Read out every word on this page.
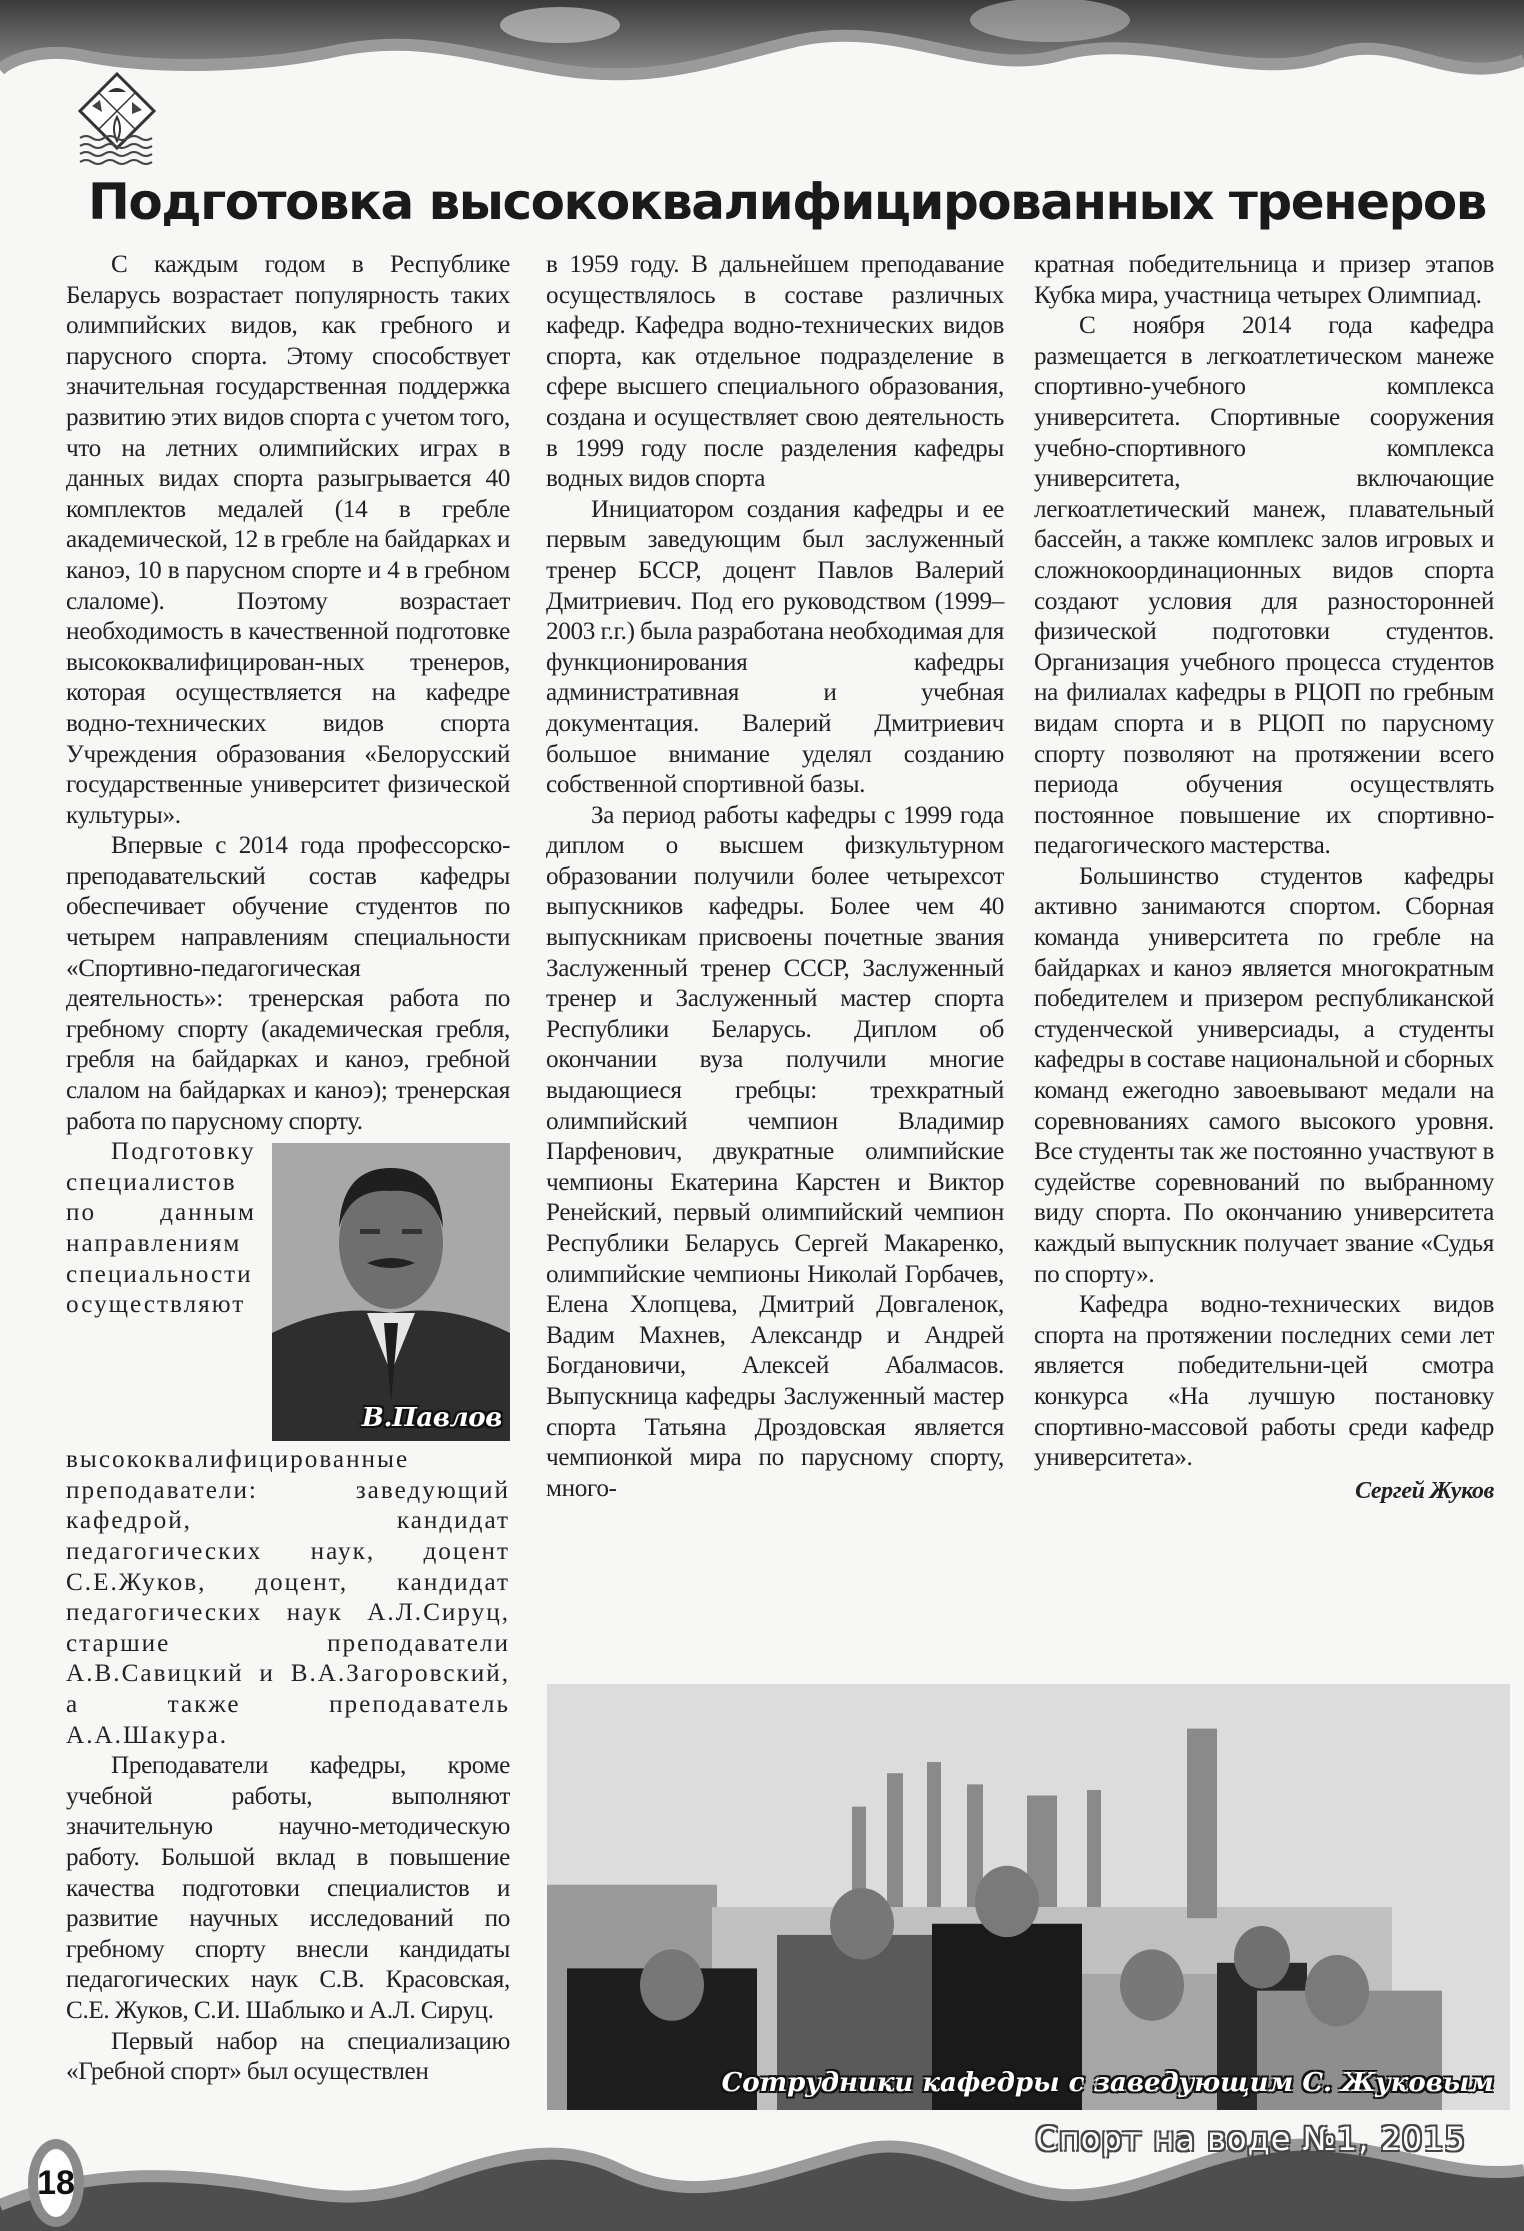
Подготовка высококвалифицированных тренеров

С каждым годом в Республике Беларусь возрастает популярность таких олимпийских видов, как гребного и парусного спорта. Этому способствует значительная государственная поддержка развитию этих видов спорта с учетом того, что на летних олимпийских играх в данных видах спорта разыгрывается 40 комплектов медалей (14 в гребле академической, 12 в гребле на байдарках и каноэ, 10 в парусном спорте и 4 в гребном слаломе). Поэтому возрастает необходимость в качественной подготовке высококвалифицирован-ных тренеров, которая осуществляется на кафедре водно-технических видов спорта Учреждения образования «Белорусский государственные университет физической культуры».

Впервые с 2014 года профессорско-преподавательский состав кафедры обеспечивает обучение студентов по четырем направлениям специальности «Спортивно-педагогическая деятельность»: тренерская работа по гребному спорту (академическая гребля, гребля на байдарках и каноэ, гребной слалом на байдарках и каноэ); тренерская работа по парусному спорту.

В.Павлов

Подготовку специалистов по данным направлениям специальности осуществляют высококвалифицированные преподаватели: заведующий кафедрой, кандидат педагогических наук, доцент С.Е.Жуков, доцент, кандидат педагогических наук А.Л.Сируц, старшие преподаватели А.В.Савицкий и В.А.Загоровский, а также преподаватель А.А.Шакура.

Преподаватели кафедры, кроме учебной работы, выполняют значительную научно-методическую работу. Большой вклад в повышение качества подготовки специалистов и развитие научных исследований по гребному спорту внесли кандидаты педагогических наук С.В. Красовская, С.Е. Жуков, С.И. Шаблыко и А.Л. Сируц.

Первый набор на специализацию «Гребной спорт» был осуществлен

в 1959 году. В дальнейшем преподавание осуществлялось в составе различных кафедр. Кафедра водно-технических видов спорта, как отдельное подразделение в сфере высшего специального образования, создана и осуществляет свою деятельность в 1999 году после разделения кафедры водных видов спорта

Инициатором создания кафедры и ее первым заведующим был заслуженный тренер БССР, доцент Павлов Валерий Дмитриевич. Под его руководством (1999–2003 г.г.) была разработана необходимая для функционирования кафедры административная и учебная документация. Валерий Дмитриевич большое внимание уделял созданию собственной спортивной базы.

За период работы кафедры с 1999 года диплом о высшем физкультурном образовании получили более четырехсот выпускников кафедры. Более чем 40 выпускникам присвоены почетные звания Заслуженный тренер СССР, Заслуженный тренер и Заслуженный мастер спорта Республики Беларусь. Диплом об окончании вуза получили многие выдающиеся гребцы: трехкратный олимпийский чемпион Владимир Парфенович, двукратные олимпийские чемпионы Екатерина Карстен и Виктор Ренейский, первый олимпийский чемпион Республики Беларусь Сергей Макаренко, олимпийские чемпионы Николай Горбачев, Елена Хлопцева, Дмитрий Довгаленок, Вадим Махнев, Александр и Андрей Богдановичи, Алексей Абалмасов. Выпускница кафедры Заслуженный мастер спорта Татьяна Дроздовская является чемпионкой мира по парусному спорту, много-

кратная победительница и призер этапов Кубка мира, участница четырех Олимпиад.

С ноября 2014 года кафедра размещается в легкоатлетическом манеже спортивно-учебного комплекса университета. Спортивные сооружения учебно-спортивного комплекса университета, включающие легкоатлетический манеж, плавательный бассейн, а также комплекс залов игровых и сложнокоординационных видов спорта создают условия для разносторонней физической подготовки студентов. Организация учебного процесса студентов на филиалах кафедры в РЦОП по гребным видам спорта и в РЦОП по парусному спорту позволяют на протяжении всего периода обучения осуществлять постоянное повышение их спортивно-педагогического мастерства.

Большинство студентов кафедры активно занимаются спортом. Сборная команда университета по гребле на байдарках и каноэ является многократным победителем и призером республиканской студенческой универсиады, а студенты кафедры в составе национальной и сборных команд ежегодно завоевывают медали на соревнованиях самого высокого уровня. Все студенты так же постоянно участвуют в судействе соревнований по выбранному виду спорта. По окончанию университета каждый выпускник получает звание «Судья по спорту».

Кафедра водно-технических видов спорта на протяжении последних семи лет является победительни-цей смотра конкурса «На лучшую постановку спортивно-массовой работы среди кафедр университета».

Сергей Жуков
Сотрудники кафедры с заведующим С. Жуковым
18
Спорт на воде №1, 2015
